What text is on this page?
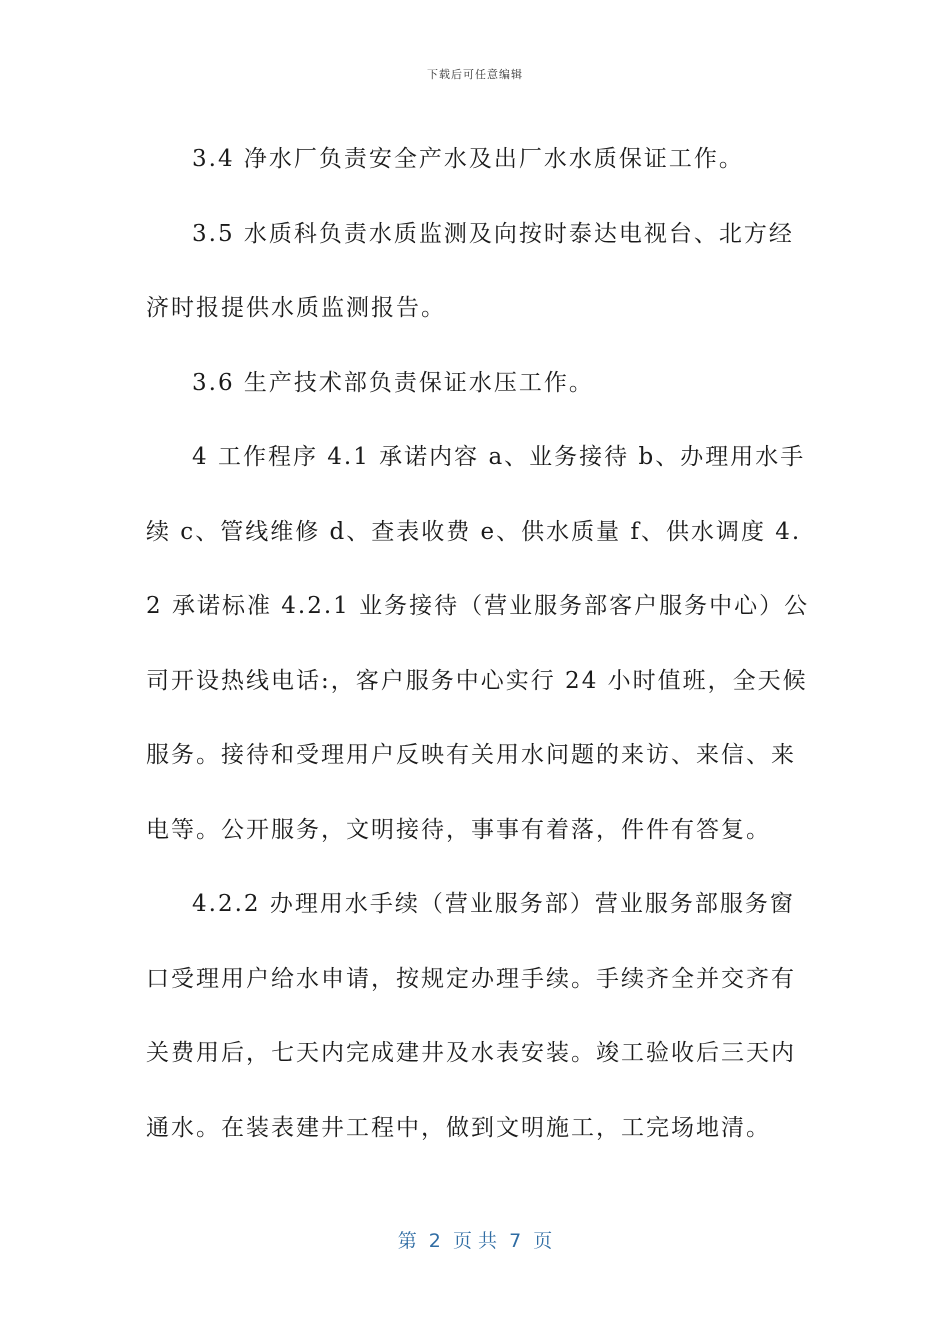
下载后可任意编辑

3.4 净水厂负责安全产水及出厂水水质保证工作。

3.5 水质科负责水质监测及向按时泰达电视台、北方经济时报提供水质监测报告。

3.6 生产技术部负责保证水压工作。

4 工作程序 4.1 承诺内容 a、业务接待 b、办理用水手续 c、管线维修 d、查表收费 e、供水质量 f、供水调度 4.2 承诺标准 4.2.1 业务接待（营业服务部客户服务中心）公司开设热线电话:，客户服务中心实行 24 小时值班，全天候服务。接待和受理用户反映有关用水问题的来访、来信、来电等。公开服务，文明接待，事事有着落，件件有答复。

4.2.2 办理用水手续（营业服务部）营业服务部服务窗口受理用户给水申请，按规定办理手续。手续齐全并交齐有关费用后，七天内完成建井及水表安装。竣工验收后三天内通水。在装表建井工程中，做到文明施工，工完场地清。

第  2  页 共  7  页
